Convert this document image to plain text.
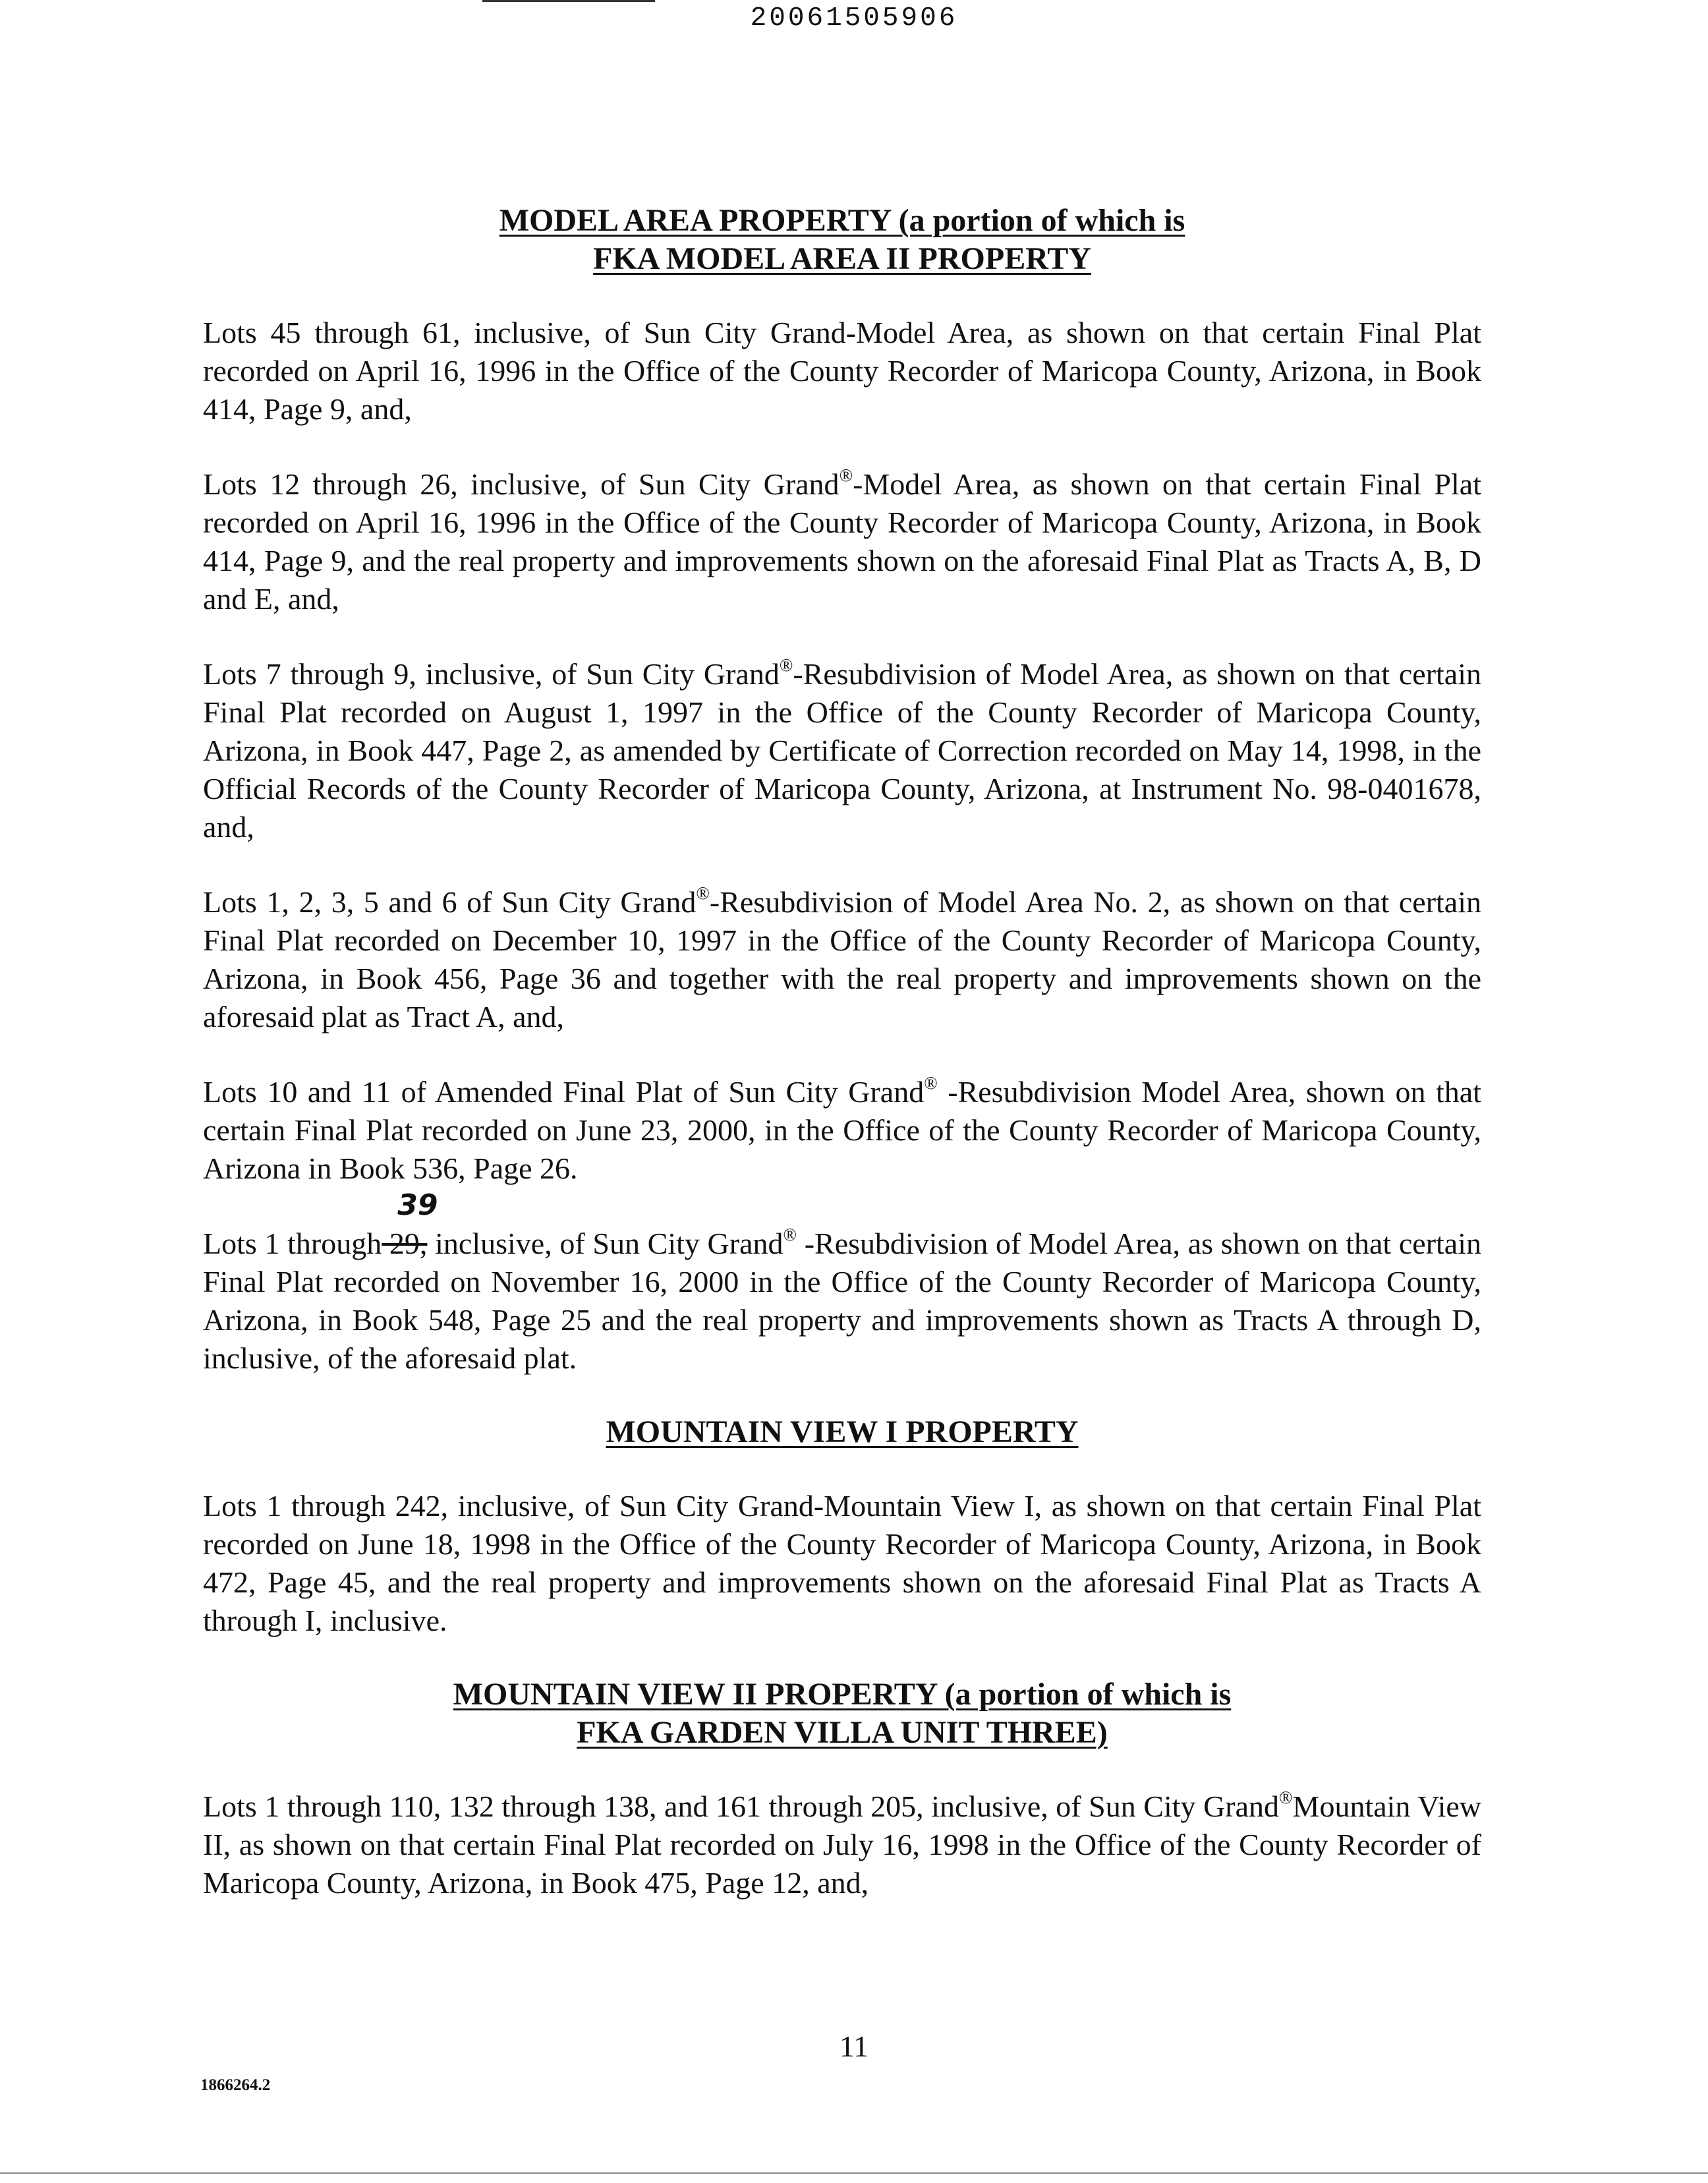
20061505906

MODEL AREA PROPERTY (a portion of which is

FKA MODEL AREA II PROPERTY

Lots 45 through 61, inclusive, of Sun City Grand-Model Area, as shown on that certain Final Plat recorded on April 16, 1996 in the Office of the County Recorder of Maricopa County, Arizona, in Book 414, Page 9, and,

Lots 12 through 26, inclusive, of Sun City Grand®-Model Area, as shown on that certain Final Plat recorded on April 16, 1996 in the Office of the County Recorder of Maricopa County, Arizona, in Book 414, Page 9, and the real property and improvements shown on the aforesaid Final Plat as Tracts A, B, D and E, and,

Lots 7 through 9, inclusive, of Sun City Grand®-Resubdivision of Model Area, as shown on that certain Final Plat recorded on August 1, 1997 in the Office of the County Recorder of Maricopa County, Arizona, in Book 447, Page 2, as amended by Certificate of Correction recorded on May 14, 1998, in the Official Records of the County Recorder of Maricopa County, Arizona, at Instrument No. 98-0401678, and,

Lots 1, 2, 3, 5 and 6 of Sun City Grand®-Resubdivision of Model Area No. 2, as shown on that certain Final Plat recorded on December 10, 1997 in the Office of the County Recorder of Maricopa County, Arizona, in Book 456, Page 36 and together with the real property and improvements shown on the aforesaid plat as Tract A, and,

Lots 10 and 11 of Amended Final Plat of Sun City Grand® -Resubdivision Model Area, shown on that certain Final Plat recorded on June 23, 2000, in the Office of the County Recorder of Maricopa County, Arizona in Book 536, Page 26.

Lots 1 through
39
29, inclusive, of Sun City Grand® -Resubdivision of Model Area, as shown on that certain Final Plat recorded on November 16, 2000 in the Office of the County Recorder of Maricopa County, Arizona, in Book 548, Page 25 and the real property and improvements shown as Tracts A through D, inclusive, of the aforesaid plat.

MOUNTAIN VIEW I PROPERTY

Lots 1 through 242, inclusive, of Sun City Grand-Mountain View I, as shown on that certain Final Plat recorded on June 18, 1998 in the Office of the County Recorder of Maricopa County, Arizona, in Book 472, Page 45, and the real property and improvements shown on the aforesaid Final Plat as Tracts A through I, inclusive.

MOUNTAIN VIEW II PROPERTY (a portion of which is

FKA GARDEN VILLA UNIT THREE)

Lots 1 through 110, 132 through 138, and 161 through 205, inclusive, of Sun City Grand®Mountain View II, as shown on that certain Final Plat recorded on July 16, 1998 in the Office of the County Recorder of Maricopa County, Arizona, in Book 475, Page 12, and,

11
1866264.2
